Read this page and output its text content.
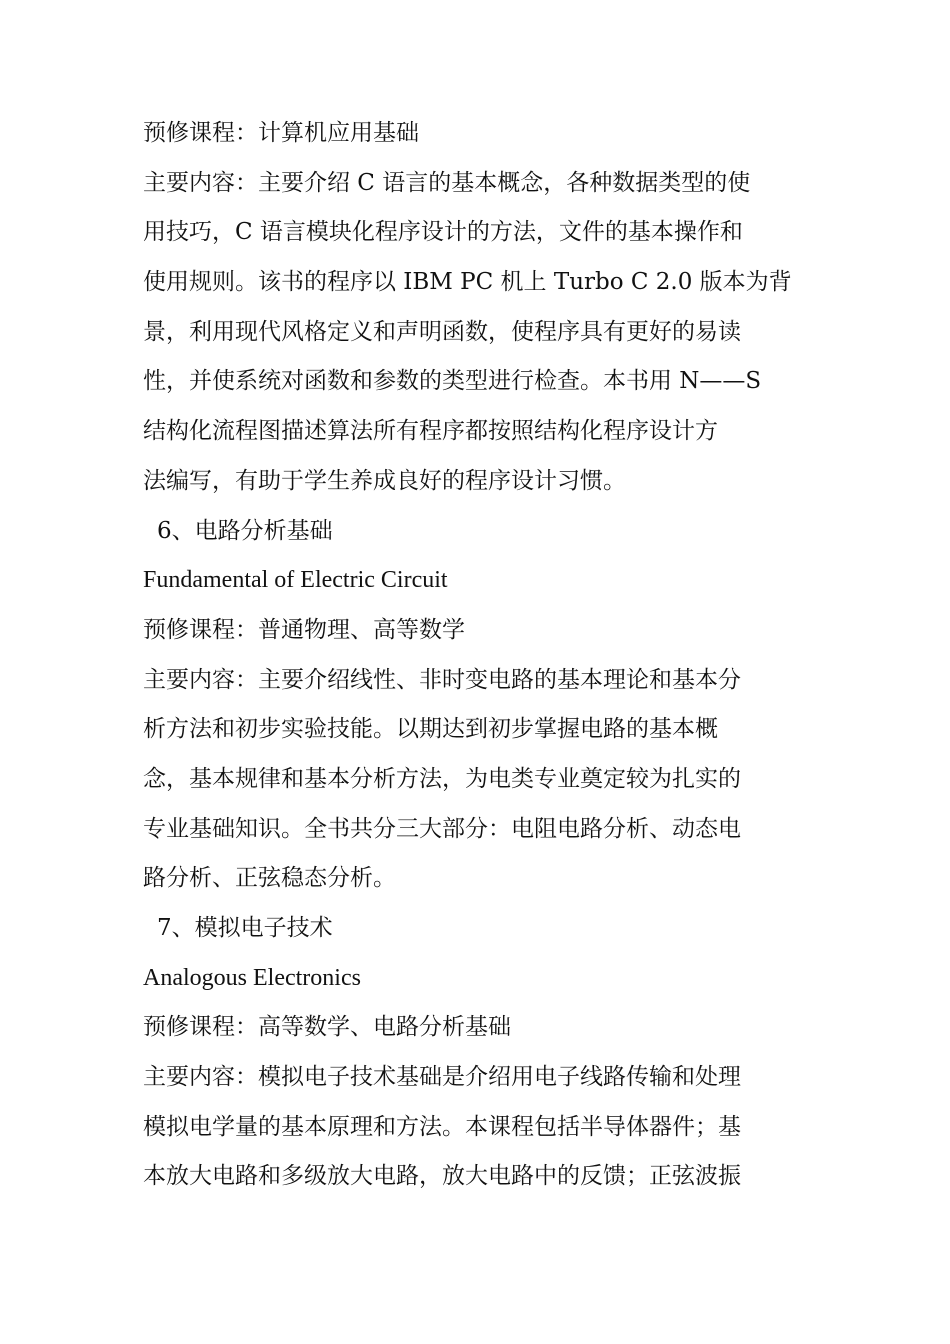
预修课程：计算机应用基础
主要内容：主要介绍 C 语言的基本概念，各种数据类型的使
用技巧，C 语言模块化程序设计的方法，文件的基本操作和
使用规则。该书的程序以 IBM PC 机上 Turbo C 2.0 版本为背
景，利用现代风格定义和声明函数，使程序具有更好的易读
性，并使系统对函数和参数的类型进行检查。本书用 N——S
结构化流程图描述算法所有程序都按照结构化程序设计方
法编写，有助于学生养成良好的程序设计习惯。
6、电路分析基础
Fundamental of Electric Circuit
预修课程：普通物理、高等数学
主要内容：主要介绍线性、非时变电路的基本理论和基本分
析方法和初步实验技能。以期达到初步掌握电路的基本概
念，基本规律和基本分析方法，为电类专业奠定较为扎实的
专业基础知识。全书共分三大部分：电阻电路分析、动态电
路分析、正弦稳态分析。
7、模拟电子技术
Analogous Electronics
预修课程：高等数学、电路分析基础
主要内容：模拟电子技术基础是介绍用电子线路传输和处理
模拟电学量的基本原理和方法。本课程包括半导体器件；基
本放大电路和多级放大电路，放大电路中的反馈；正弦波振
